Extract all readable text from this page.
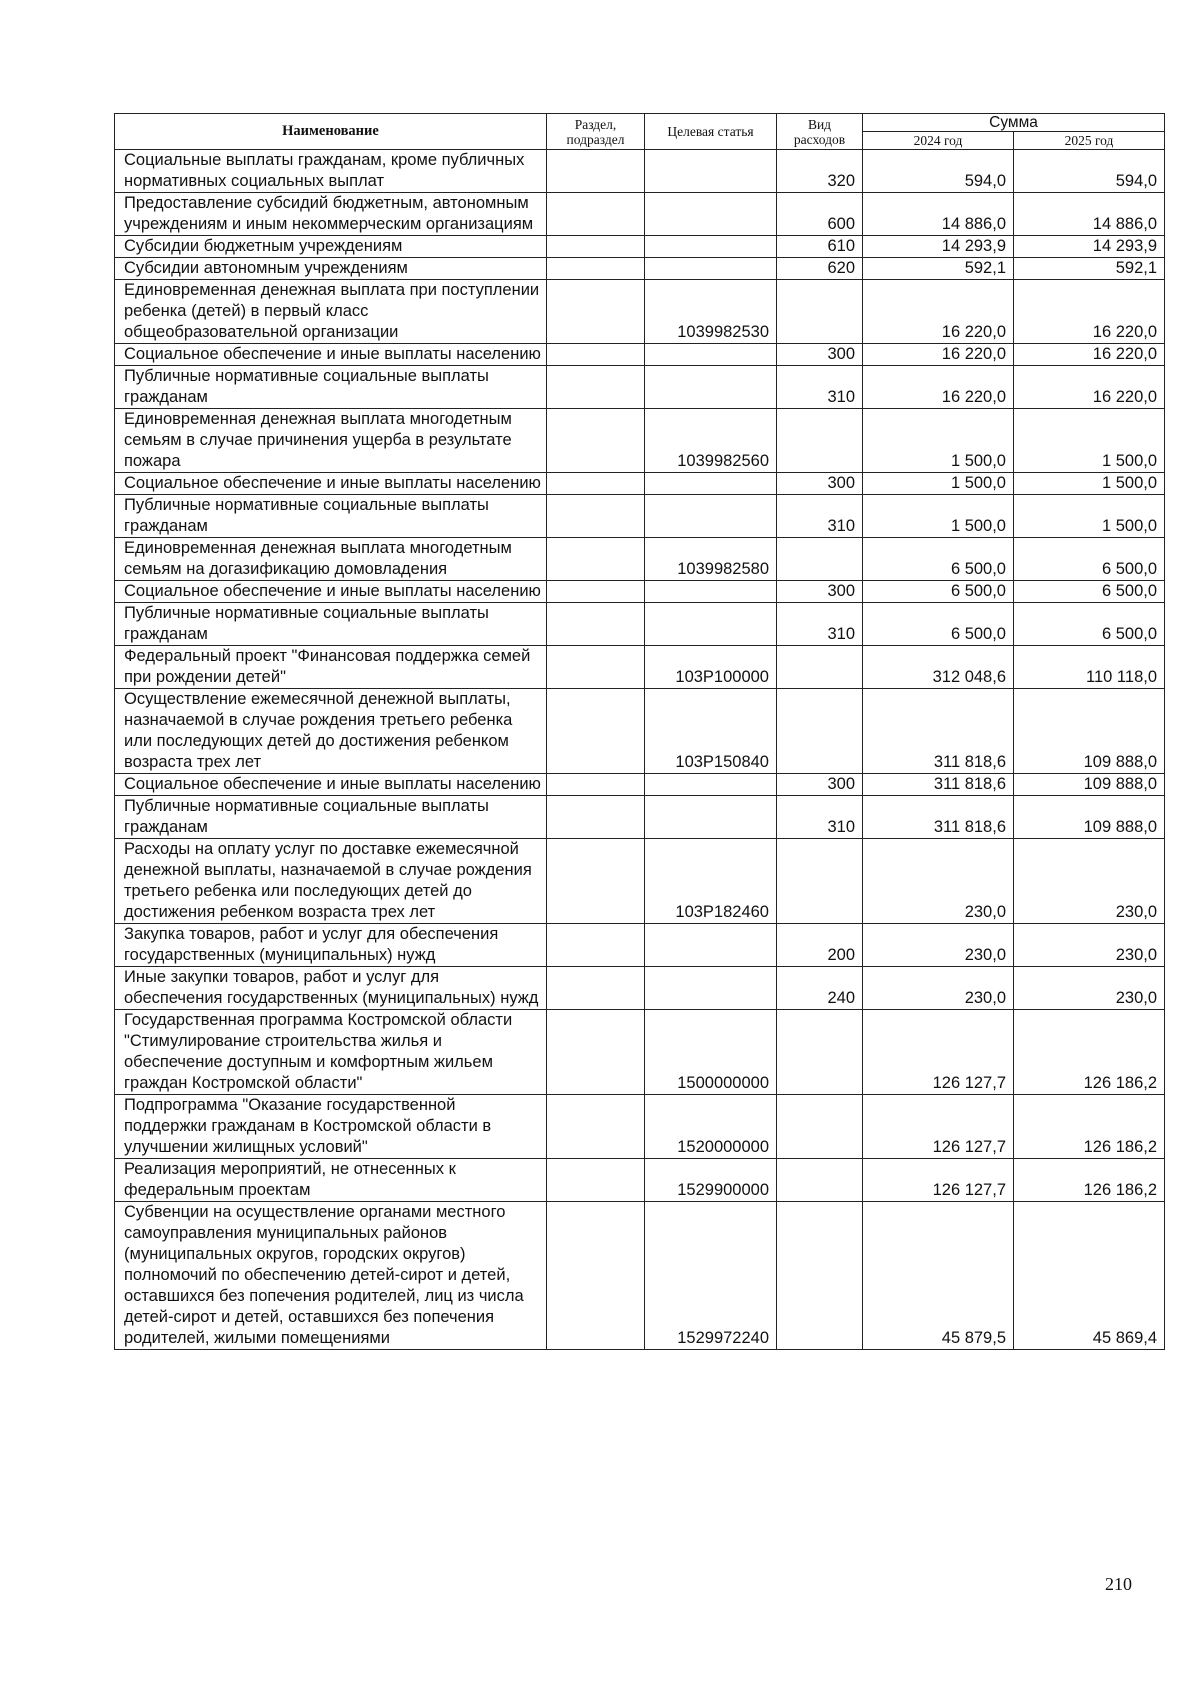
Наименование	Раздел, подраздел	Целевая статья	Вид расходов	Сумма	
				2024 год	2025 год
Социальные выплаты гражданам, кроме публичных нормативных социальных выплат			320	594,0	594,0
Предоставление субсидий бюджетным, автономным учреждениям и иным некоммерческим организациям			600	14 886,0	14 886,0
Субсидии бюджетным учреждениям			610	14 293,9	14 293,9
Субсидии автономным учреждениям			620	592,1	592,1
Единовременная денежная выплата при поступлении ребенка (детей) в первый класс общеобразовательной организации		1039982530		16 220,0	16 220,0
Социальное обеспечение и иные выплаты населению			300	16 220,0	16 220,0
Публичные нормативные социальные выплаты гражданам			310	16 220,0	16 220,0
Единовременная денежная выплата многодетным семьям в случае причинения ущерба в результате пожара		1039982560		1 500,0	1 500,0
Социальное обеспечение и иные выплаты населению			300	1 500,0	1 500,0
Публичные нормативные социальные выплаты гражданам			310	1 500,0	1 500,0
Единовременная денежная выплата многодетным семьям на догазификацию домовладения		1039982580		6 500,0	6 500,0
Социальное обеспечение и иные выплаты населению			300	6 500,0	6 500,0
Публичные нормативные социальные выплаты гражданам			310	6 500,0	6 500,0
Федеральный проект "Финансовая поддержка семей при рождении детей"		103P100000		312 048,6	110 118,0
Осуществление ежемесячной денежной выплаты, назначаемой в случае рождения третьего ребенка или последующих детей до достижения ребенком возраста трех лет		103P150840		311 818,6	109 888,0
Социальное обеспечение и иные выплаты населению			300	311 818,6	109 888,0
Публичные нормативные социальные выплаты гражданам			310	311 818,6	109 888,0
Расходы на оплату услуг по доставке ежемесячной денежной выплаты, назначаемой в случае рождения третьего ребенка или последующих детей до достижения ребенком возраста трех лет		103P182460		230,0	230,0
Закупка товаров, работ и услуг для обеспечения государственных (муниципальных) нужд			200	230,0	230,0
Иные закупки товаров, работ и услуг для обеспечения государственных (муниципальных) нужд			240	230,0	230,0
Государственная программа Костромской области "Стимулирование строительства жилья и обеспечение доступным и комфортным жильем граждан Костромской области"		1500000000		126 127,7	126 186,2
Подпрограмма "Оказание государственной поддержки гражданам в Костромской области в улучшении жилищных условий"		1520000000		126 127,7	126 186,2
Реализация мероприятий, не отнесенных к федеральным проектам		1529900000		126 127,7	126 186,2
Субвенции на осуществление органами местного самоуправления муниципальных районов (муниципальных округов, городских округов) полномочий по обеспечению детей-сирот и детей, оставшихся без попечения родителей, лиц из числа детей-сирот и детей, оставшихся без попечения родителей, жилыми помещениями		1529972240		45 879,5	45 869,4
210
